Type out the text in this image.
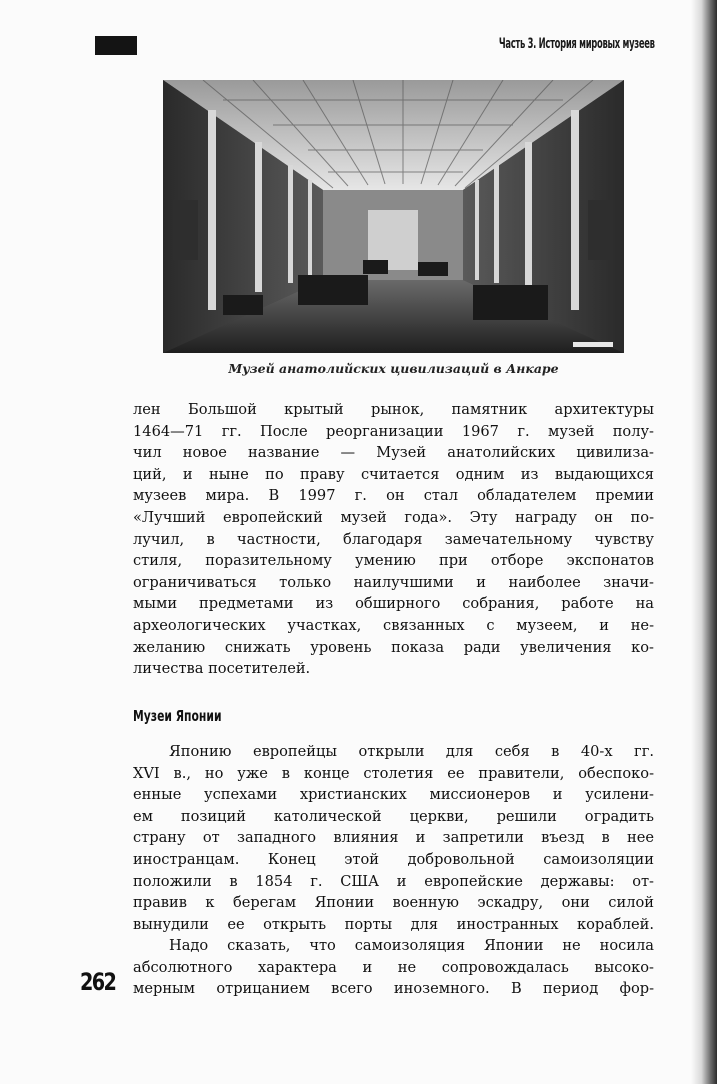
Часть 3. История мировых музеев
Музей анатолийских цивилизаций в Анкаре
лен Большой крытый рынок, памятник архитектуры
1464—71 гг. После реорганизации 1967 г. музей полу-
чил новое название — Музей анатолийских цивилиза-
ций, и ныне по праву считается одним из выдающихся
музеев мира. В 1997 г. он стал обладателем премии
«Лучший европейский музей года». Эту награду он по-
лучил, в частности, благодаря замечательному чувству
стиля, поразительному умению при отборе экспонатов
ограничиваться только наилучшими и наиболее значи-
мыми предметами из обширного собрания, работе на
археологических участках, связанных с музеем, и не-
желанию снижать уровень показа ради увеличения ко-
личества посетителей.
Музеи Японии
Японию европейцы открыли для себя в 40-х гг.
XVI в., но уже в конце столетия ее правители, обеспоко-
енные успехами христианских миссионеров и усилени-
ем позиций католической церкви, решили оградить
страну от западного влияния и запретили въезд в нее
иностранцам. Конец этой добровольной самоизоляции
положили в 1854 г. США и европейские державы: от-
правив к берегам Японии военную эскадру, они силой
вынудили ее открыть порты для иностранных кораблей.
Надо сказать, что самоизоляция Японии не носила
абсолютного характера и не сопровождалась высоко-
мерным отрицанием всего иноземного. В период фор-
262
